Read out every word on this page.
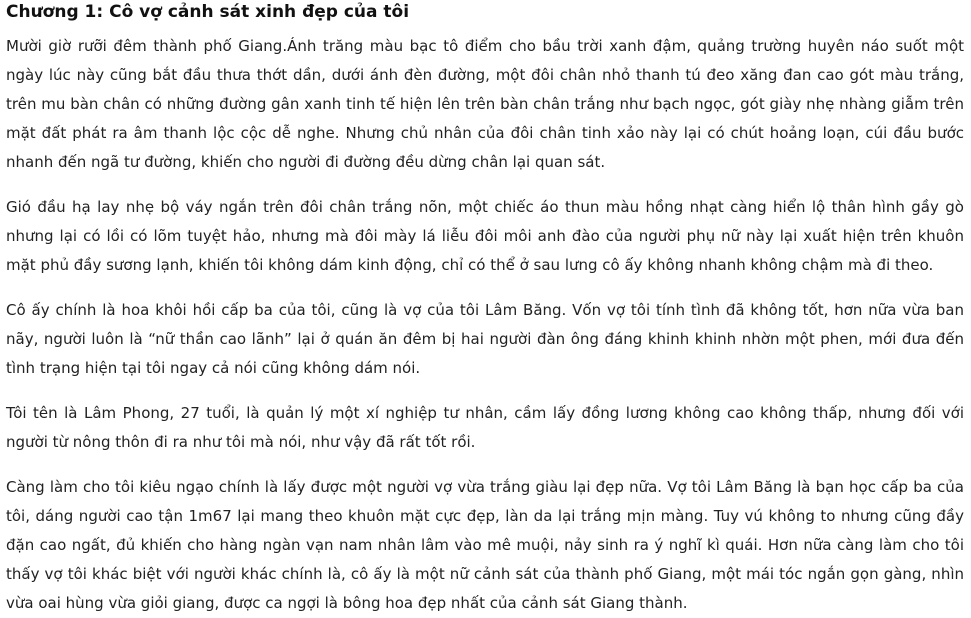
Chương 1: Cô vợ cảnh sát xinh đẹp của tôi

Mười giờ rưỡi đêm thành phố Giang.Ánh trăng màu bạc tô điểm cho bầu trời xanh đậm, quảng trường huyên náo suốt một ngày lúc này cũng bắt đầu thưa thớt dần, dưới ánh đèn đường, một đôi chân nhỏ thanh tú đeo xăng đan cao gót màu trắng, trên mu bàn chân có những đường gân xanh tinh tế hiện lên trên bàn chân trắng như bạch ngọc, gót giày nhẹ nhàng giẫm trên mặt đất phát ra âm thanh lộc cộc dễ nghe. Nhưng chủ nhân của đôi chân tinh xảo này lại có chút hoảng loạn, cúi đầu bước nhanh đến ngã tư đường, khiến cho người đi đường đều dừng chân lại quan sát.

Gió đầu hạ lay nhẹ bộ váy ngắn trên đôi chân trắng nõn, một chiếc áo thun màu hồng nhạt càng hiển lộ thân hình gầy gò nhưng lại có lồi có lõm tuyệt hảo, nhưng mà đôi mày lá liễu đôi môi anh đào của người phụ nữ này lại xuất hiện trên khuôn mặt phủ đầy sương lạnh, khiến tôi không dám kinh động, chỉ có thể ở sau lưng cô ấy không nhanh không chậm mà đi theo.

Cô ấy chính là hoa khôi hồi cấp ba của tôi, cũng là vợ của tôi Lâm Băng. Vốn vợ tôi tính tình đã không tốt, hơn nữa vừa ban nãy, người luôn là “nữ thần cao lãnh” lại ở quán ăn đêm bị hai người đàn ông đáng khinh khinh nhờn một phen, mới đưa đến tình trạng hiện tại tôi ngay cả nói cũng không dám nói.

Tôi tên là Lâm Phong, 27 tuổi, là quản lý một xí nghiệp tư nhân, cầm lấy đồng lương không cao không thấp, nhưng đối với người từ nông thôn đi ra như tôi mà nói, như vậy đã rất tốt rồi.

Càng làm cho tôi kiêu ngạo chính là lấy được một người vợ vừa trắng giàu lại đẹp nữa. Vợ tôi Lâm Băng là bạn học cấp ba của tôi, dáng người cao tận 1m67 lại mang theo khuôn mặt cực đẹp, làn da lại trắng mịn màng. Tuy vú không to nhưng cũng đầy đặn cao ngất, đủ khiến cho hàng ngàn vạn nam nhân lâm vào mê muội, nảy sinh ra ý nghĩ kì quái. Hơn nữa càng làm cho tôi thấy vợ tôi khác biệt với người khác chính là, cô ấy là một nữ cảnh sát của thành phố Giang, một mái tóc ngắn gọn gàng, nhìn vừa oai hùng vừa giỏi giang, được ca ngợi là bông hoa đẹp nhất của cảnh sát Giang thành.
